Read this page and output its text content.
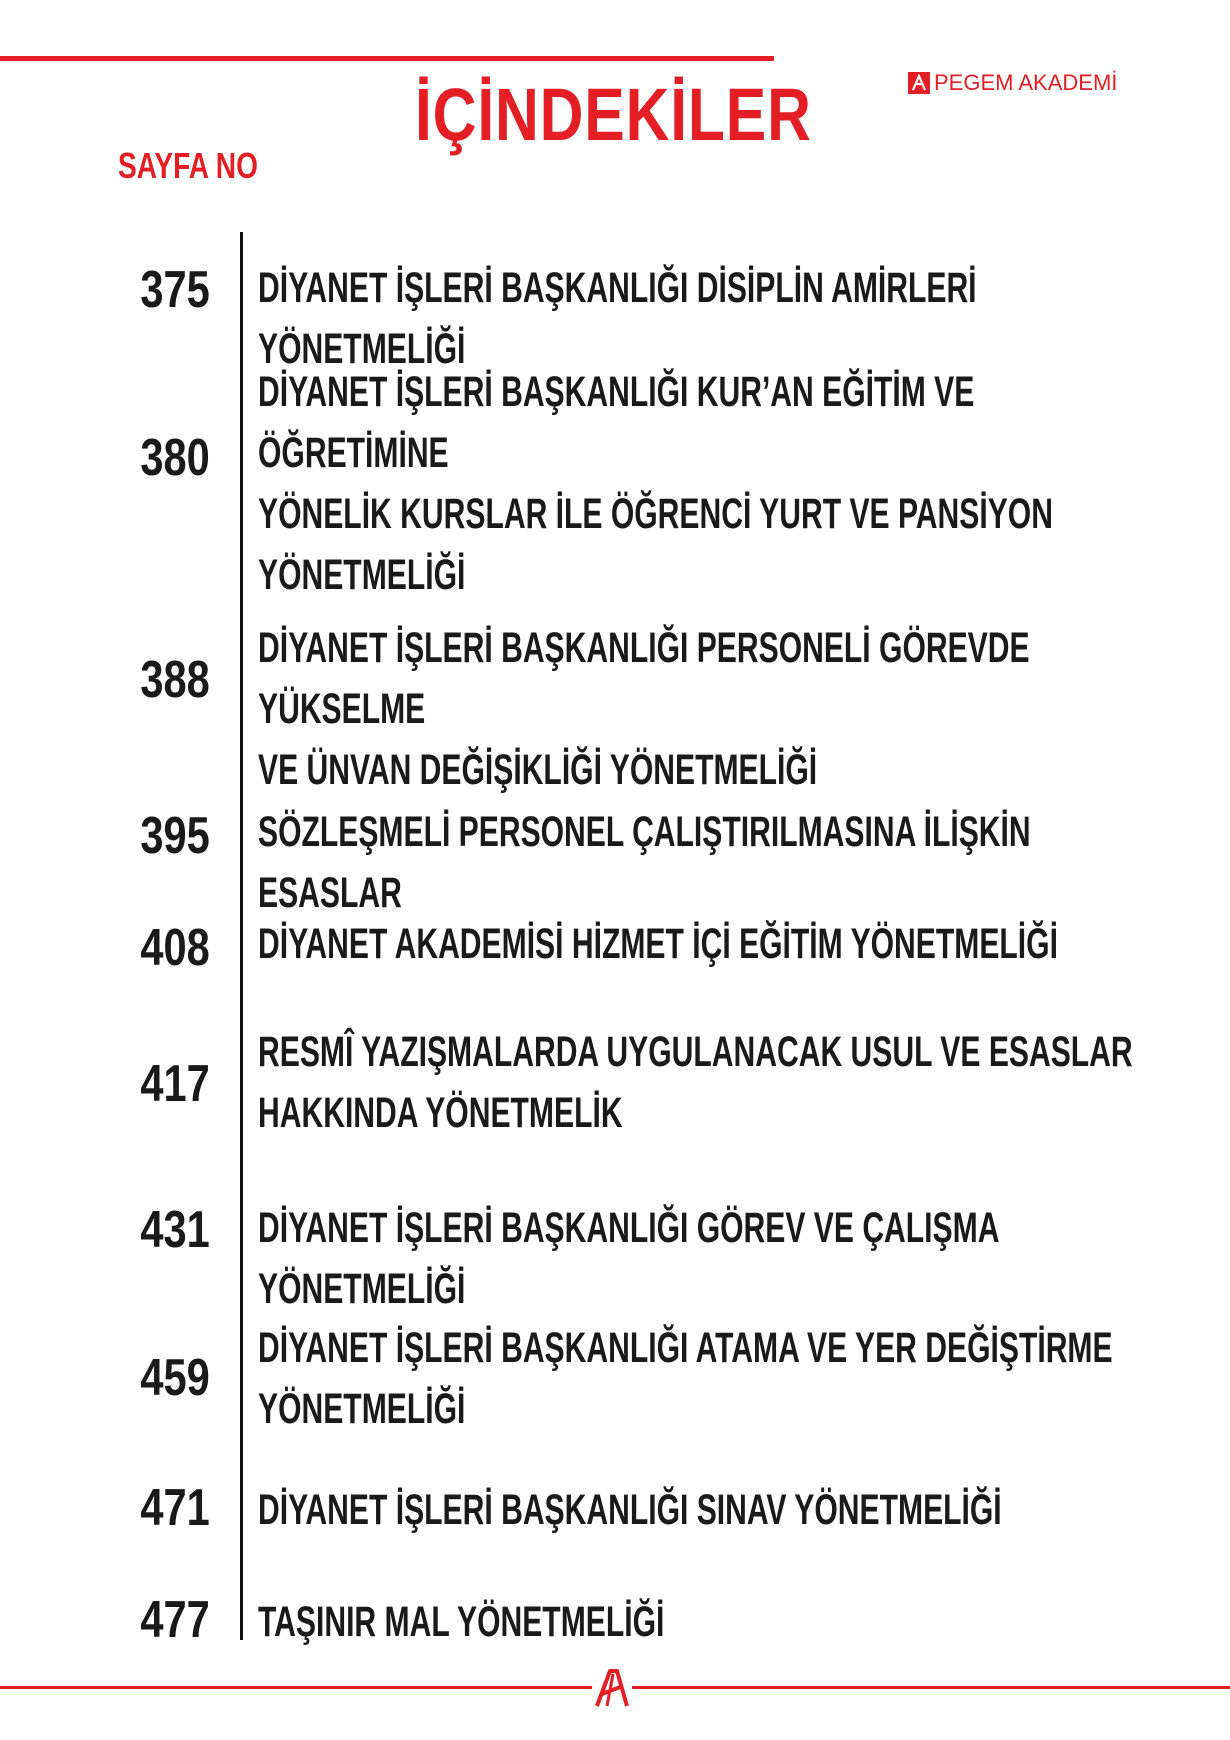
İÇİNDEKİLER	PEGEM AKADEMİ
SAYFA NO
375 DİYANET İŞLERİ BAŞKANLIĞI DİSİPLİN AMİRLERİ YÖNETMELİĞİ
380
DİYANET İŞLERİ BAŞKANLIĞI KUR’AN EĞİTİM VE ÖĞRETİMİNE
YÖNELİK KURSLAR İLE ÖĞRENCİ YURT VE PANSİYON
YÖNETMELİĞİ
388
DİYANET İŞLERİ BAŞKANLIĞI PERSONELİ GÖREVDE YÜKSELME
VE ÜNVAN DEĞİŞİKLİĞİ YÖNETMELİĞİ
395 SÖZLEŞMELİ PERSONEL ÇALIŞTIRILMASINA İLİŞKİN ESASLAR
408 DİYANET AKADEMİSİ HİZMET İÇİ EĞİTİM YÖNETMELİĞİ
417
RESMÎ YAZIŞMALARDA UYGULANACAK USUL VE ESASLAR
HAKKINDA YÖNETMELİK
431 DİYANET İŞLERİ BAŞKANLIĞI GÖREV VE ÇALIŞMA YÖNETMELİĞİ
459
DİYANET İŞLERİ BAŞKANLIĞI ATAMA VE YER DEĞİŞTİRME
YÖNETMELİĞİ
471 DİYANET İŞLERİ BAŞKANLIĞI SINAV YÖNETMELİĞİ
477 TAŞINIR MAL YÖNETMELİĞİ
